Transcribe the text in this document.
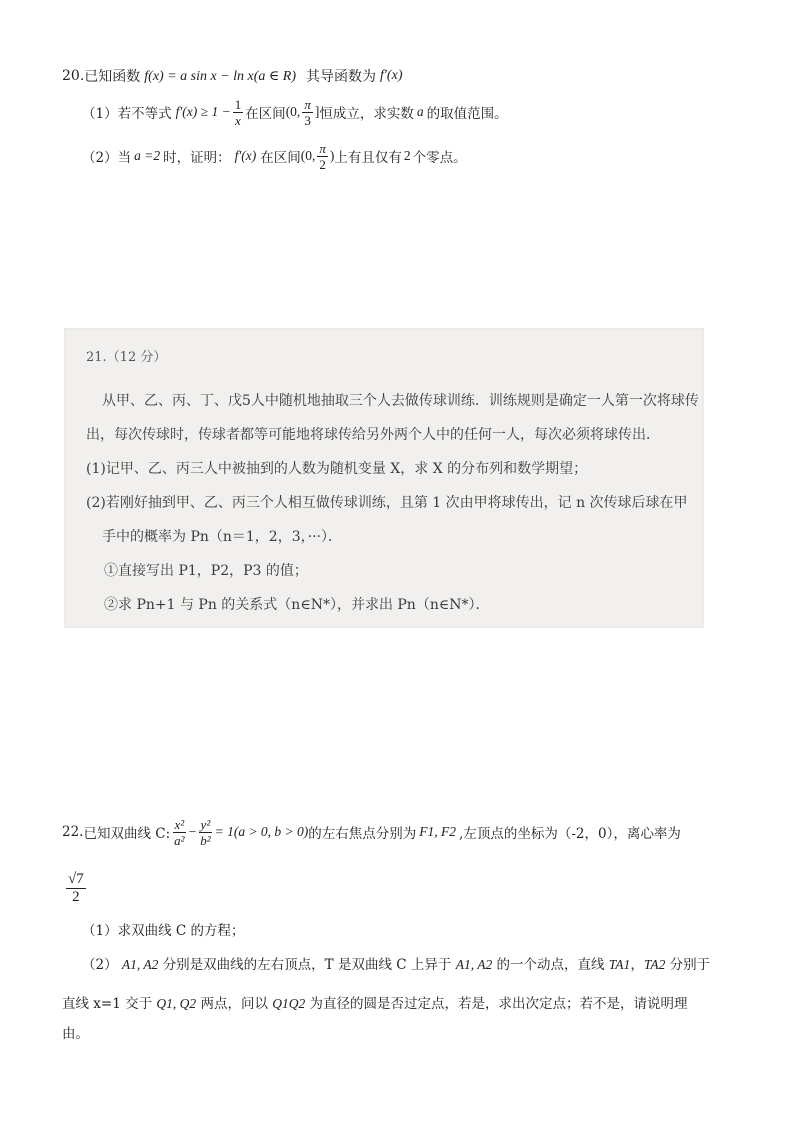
20. 已知函数 f(x) = a sin x − ln x(a ∈ R) 其导函数为 f′(x)
（1） 若不等式 $f'(x) \ge 1 - \frac{1}{x}$ 在区间 (0, $\frac{\pi}{3}$ ] 恒成立，求实数 a 的取值范围。
（2） 当 a =2 时，证明： f′(x) 在区间 (0, $\frac{\pi}{2}$ ) 上有且仅有 2 个零点。
21.（12 分）
从甲、乙、丙、丁、戊5人中随机地抽取三个人去做传球训练．训练规则是确定一人第一次将球传
出，每次传球时，传球者都等可能地将球传给另外两个人中的任何一人，每次必须将球传出．
(1)记甲、乙、丙三人中被抽到的人数为随机变量 X，求 X 的分布列和数学期望；
(2)若刚好抽到甲、乙、丙三个人相互做传球训练，且第 1 次由甲将球传出，记 n 次传球后球在甲
手中的概率为 Pn（n＝1，2，3，···）．
①直接写出 P1，P2，P3 的值；
②求 Pn+1 与 Pn 的关系式（n∈N*），并求出 Pn（n∈N*）．
22. 已知双曲线 C: $\frac{\text{x²}}{\text{a²}} - \frac{\text{y²}}{\text{b²}} = 1(a > 0$, b > 0) 的左右焦点分别为 F1, F2 ,左顶点的坐标为（-2，0），离心率为
$\frac{√7}{2}$
（1）求双曲线 C 的方程；
（2） A1, A2 分别是双曲线的左右顶点，T 是双曲线 C 上异于 A1, A2 的一个动点，直线 TA1，TA2 分别于
直线 x=1 交于 Q1, Q2 两点，问以 Q1Q2 为直径的圆是否过定点，若是，求出次定点；若不是，请说明理
由。
